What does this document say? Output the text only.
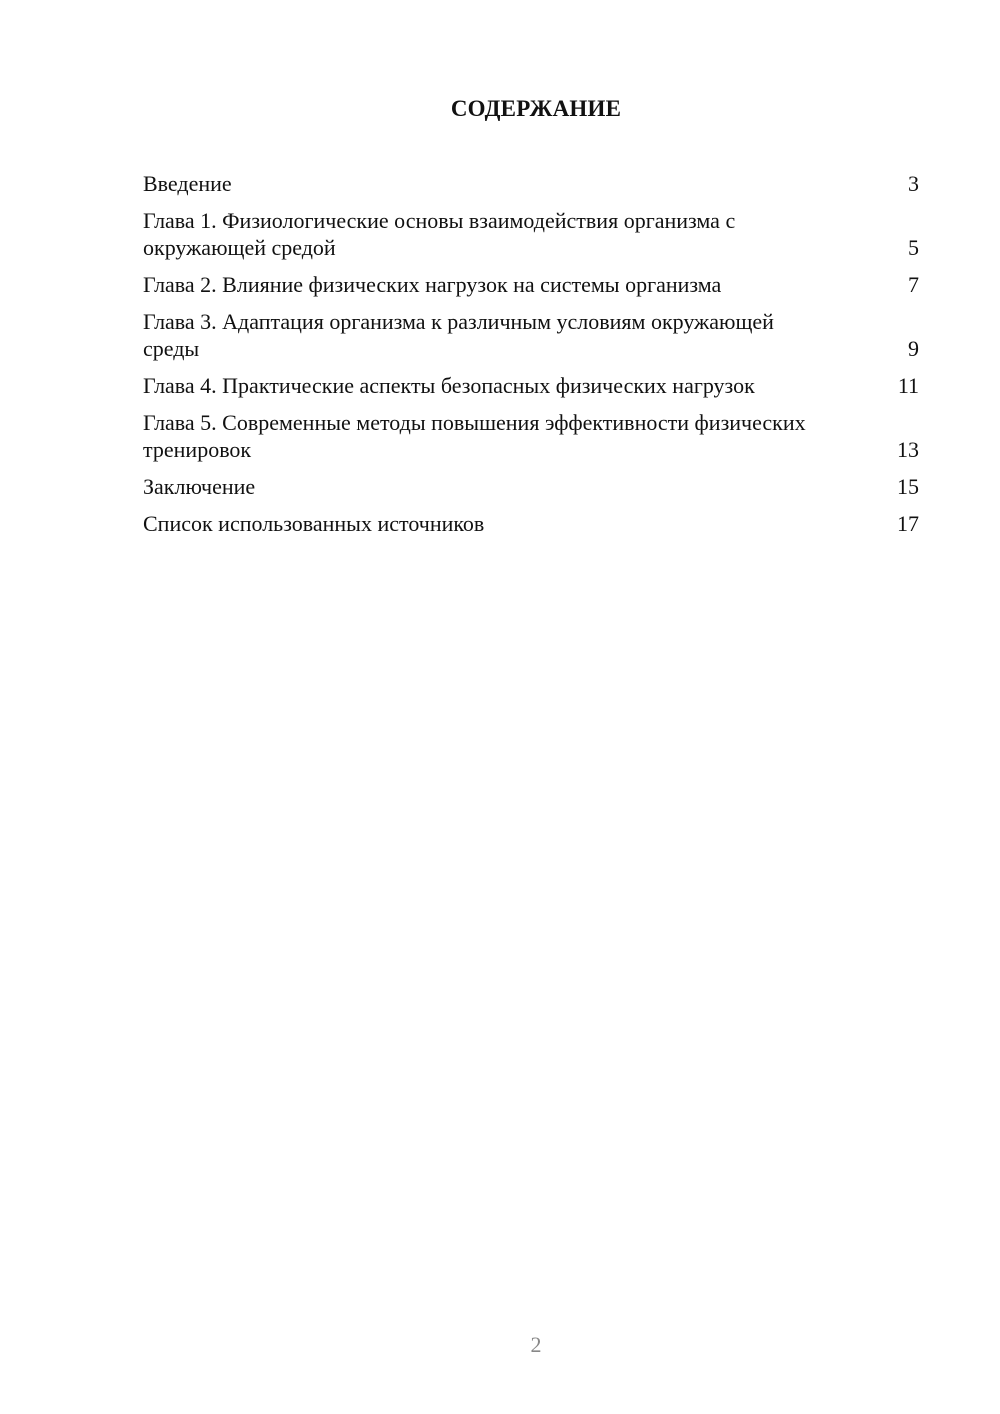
СОДЕРЖАНИЕ
Введение	3
Глава 1. Физиологические основы взаимодействия организма с окружающей средой	5
Глава 2. Влияние физических нагрузок на системы организма	7
Глава 3. Адаптация организма к различным условиям окружающей среды	9
Глава 4. Практические аспекты безопасных физических нагрузок	11
Глава 5. Современные методы повышения эффективности физических тренировок	13
Заключение	15
Список использованных источников	17
2
